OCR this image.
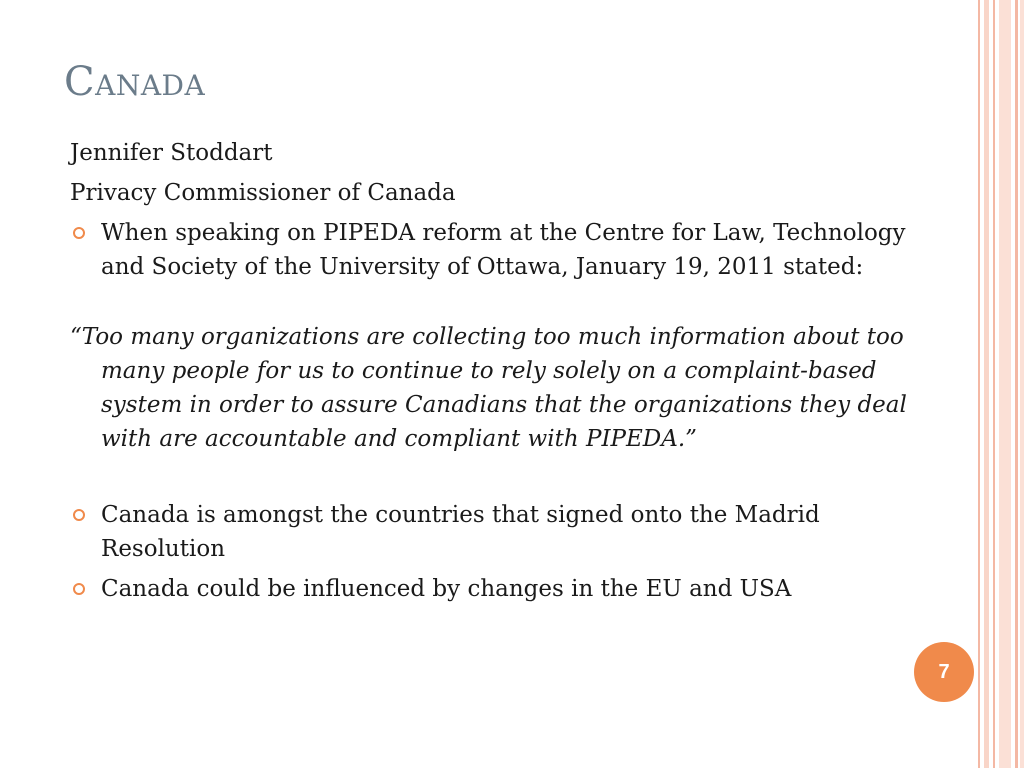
Canada

Jennifer Stoddart

Privacy Commissioner of Canada

When speaking on PIPEDA reform at the Centre for Law, Technology and Society of the University of Ottawa, January 19, 2011 stated:
“Too many organizations are collecting too much information about too many people for us to continue to rely solely on a complaint-based system in order to assure Canadians that the organizations they deal with are accountable and compliant with PIPEDA.”
Canada is amongst the countries that signed onto the Madrid Resolution
Canada could be influenced by changes in the EU and USA
7
